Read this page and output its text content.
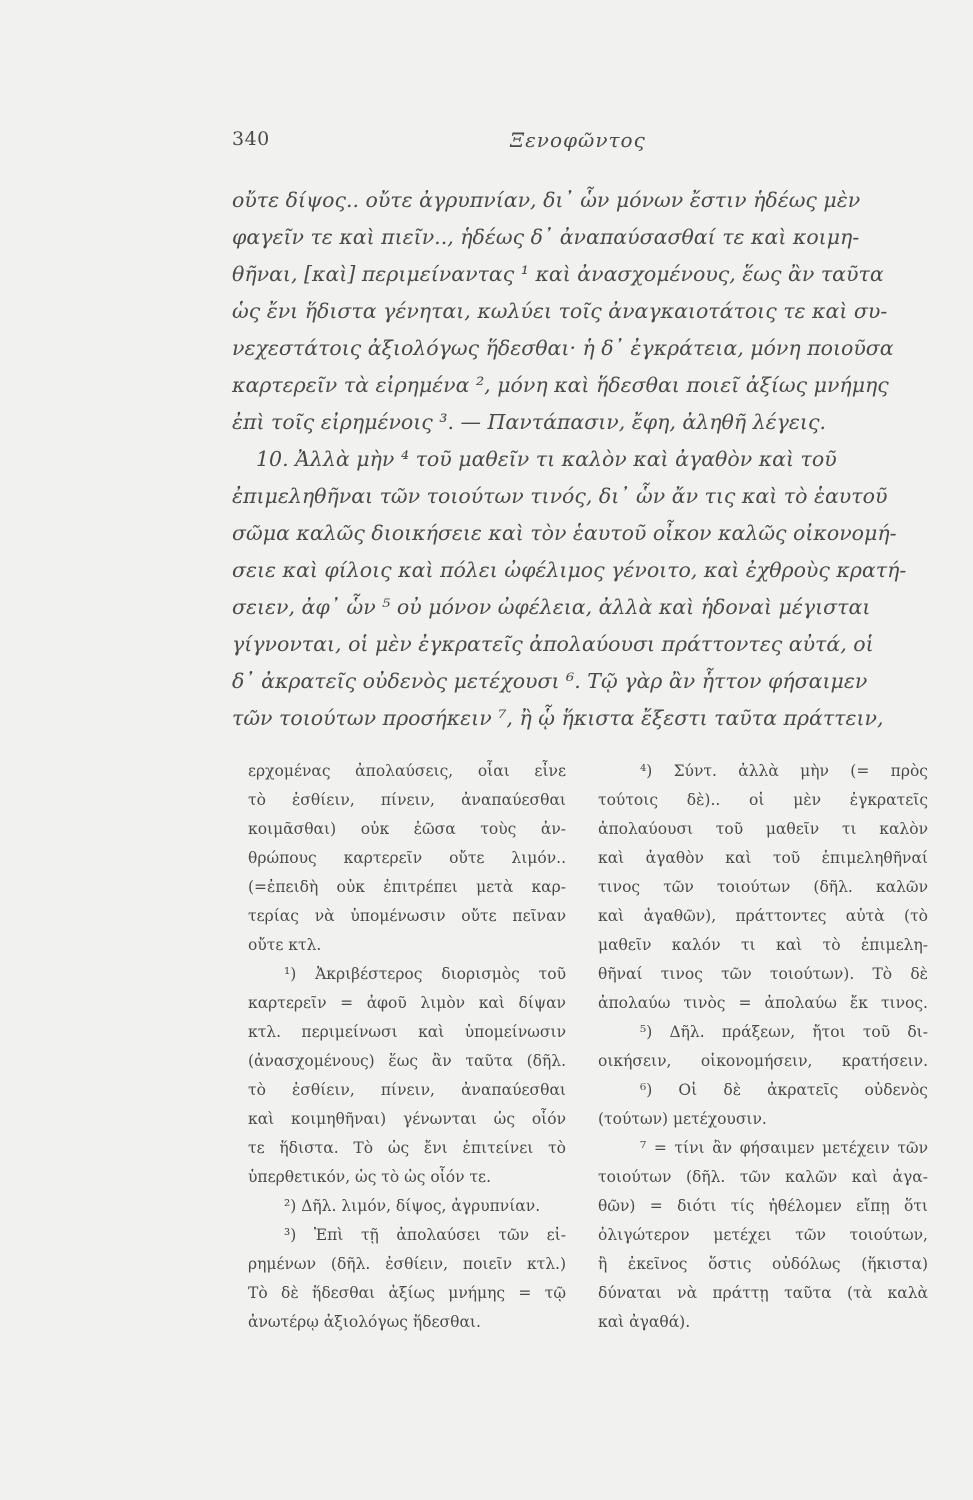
340	Ξενοφῶντος
οὔτε δίψος.. οὔτε ἀγρυπνίαν, δι᾿ ὧν μόνων ἔστιν ἡδέως μὲν
φαγεῖν τε καὶ πιεῖν.., ἡδέως δ᾿ ἀναπαύσασθαί τε καὶ κοιμη-
θῆναι, [καὶ] περιμείναντας ¹ καὶ ἀνασχομένους, ἕως ἂν ταῦτα
ὡς ἔνι ἥδιστα γένηται, κωλύει τοῖς ἀναγκαιοτάτοις τε καὶ συ-
νεχεστάτοις ἀξιολόγως ἥδεσθαι· ἡ δ᾿ ἐγκράτεια, μόνη ποιοῦσα
καρτερεῖν τὰ εἰρημένα ², μόνη καὶ ἥδεσθαι ποιεῖ ἀξίως μνήμης
ἐπὶ τοῖς εἰρημένοις ³. — Παντάπασιν, ἔφη, ἀληθῆ λέγεις.
10. Ἀλλὰ μὴν ⁴ τοῦ μαθεῖν τι καλὸν καὶ ἀγαθὸν καὶ τοῦ
ἐπιμεληθῆναι τῶν τοιούτων τινός, δι᾿ ὧν ἄν τις καὶ τὸ ἑαυτοῦ
σῶμα καλῶς διοικήσειε καὶ τὸν ἑαυτοῦ οἶκον καλῶς οἰκονομή-
σειε καὶ φίλοις καὶ πόλει ὠφέλιμος γένοιτο, καὶ ἐχθροὺς κρατή-
σειεν, ἀφ᾿ ὧν ⁵ οὐ μόνον ὠφέλεια, ἀλλὰ καὶ ἡδοναὶ μέγισται
γίγνονται, οἱ μὲν ἐγκρατεῖς ἀπολαύουσι πράττοντες αὐτά, οἱ
δ᾿ ἀκρατεῖς οὐδενὸς μετέχουσι ⁶. Τῷ γὰρ ἂν ἧττον φήσαιμεν
τῶν τοιούτων προσήκειν ⁷, ἢ ᾧ ἥκιστα ἔξεστι ταῦτα πράττειν,
ερχομένας ἀπολαύσεις, οἷαι εἶνε
τὸ ἐσθίειν, πίνειν, ἀναπαύεσθαι
κοιμᾶσθαι) οὐκ ἐῶσα τοὺς ἀν-
θρώπους καρτερεῖν οὔτε λιμόν..
(=ἐπειδὴ οὐκ ἐπιτρέπει μετὰ καρ-
τερίας νὰ ὑπομένωσιν οὔτε πεῖναν
οὔτε κτλ.
¹) Ἀκριβέστερος διορισμὸς τοῦ
καρτερεῖν = ἀφοῦ λιμὸν καὶ δίψαν
κτλ. περιμείνωσι καὶ ὑπομείνωσιν
(ἀνασχομένους) ἕως ἂν ταῦτα (δῆλ.
τὸ ἐσθίειν, πίνειν, ἀναπαύεσθαι
καὶ κοιμηθῆναι) γένωνται ὡς οἷόν
τε ἥδιστα. Τὸ ὡς ἔνι ἐπιτείνει τὸ
ὑπερθετικόν, ὡς τὸ ὡς οἷόν τε.
²) Δῆλ. λιμόν, δίψος, ἀγρυπνίαν.
³) Ἐπὶ τῇ ἀπολαύσει τῶν εἰ-
ρημένων (δῆλ. ἐσθίειν, ποιεῖν κτλ.)
Τὸ δὲ ἥδεσθαι ἀξίως μνήμης = τῷ
ἀνωτέρῳ ἀξιολόγως ἥδεσθαι.
⁴) Σύντ. ἀλλὰ μὴν (= πρὸς
τούτοις δὲ).. οἱ μὲν ἐγκρατεῖς
ἀπολαύουσι τοῦ μαθεῖν τι καλὸν
καὶ ἀγαθὸν καὶ τοῦ ἐπιμεληθῆναί
τινος τῶν τοιούτων (δῆλ. καλῶν
καὶ ἀγαθῶν), πράττοντες αὐτὰ (τὸ
μαθεῖν καλόν τι καὶ τὸ ἐπιμελη-
θῆναί τινος τῶν τοιούτων). Τὸ δὲ
ἀπολαύω τινὸς = ἀπολαύω ἔκ τινος.
⁵) Δῆλ. πράξεων, ἤτοι τοῦ δι-
οικήσειν, οἰκονομήσειν, κρατήσειν.
⁶) Οἱ δὲ ἀκρατεῖς οὐδενὸς
(τούτων) μετέχουσιν.
⁷ = τίνι ἂν φήσαιμεν μετέχειν τῶν
τοιούτων (δῆλ. τῶν καλῶν καὶ ἀγα-
θῶν) = διότι τίς ἠθέλομεν εἴπῃ ὅτι
ὀλιγώτερον μετέχει τῶν τοιούτων,
ἢ ἐκεῖνος ὅστις οὐδόλως (ἥκιστα)
δύναται νὰ πράττῃ ταῦτα (τὰ καλὰ
καὶ ἀγαθά).
